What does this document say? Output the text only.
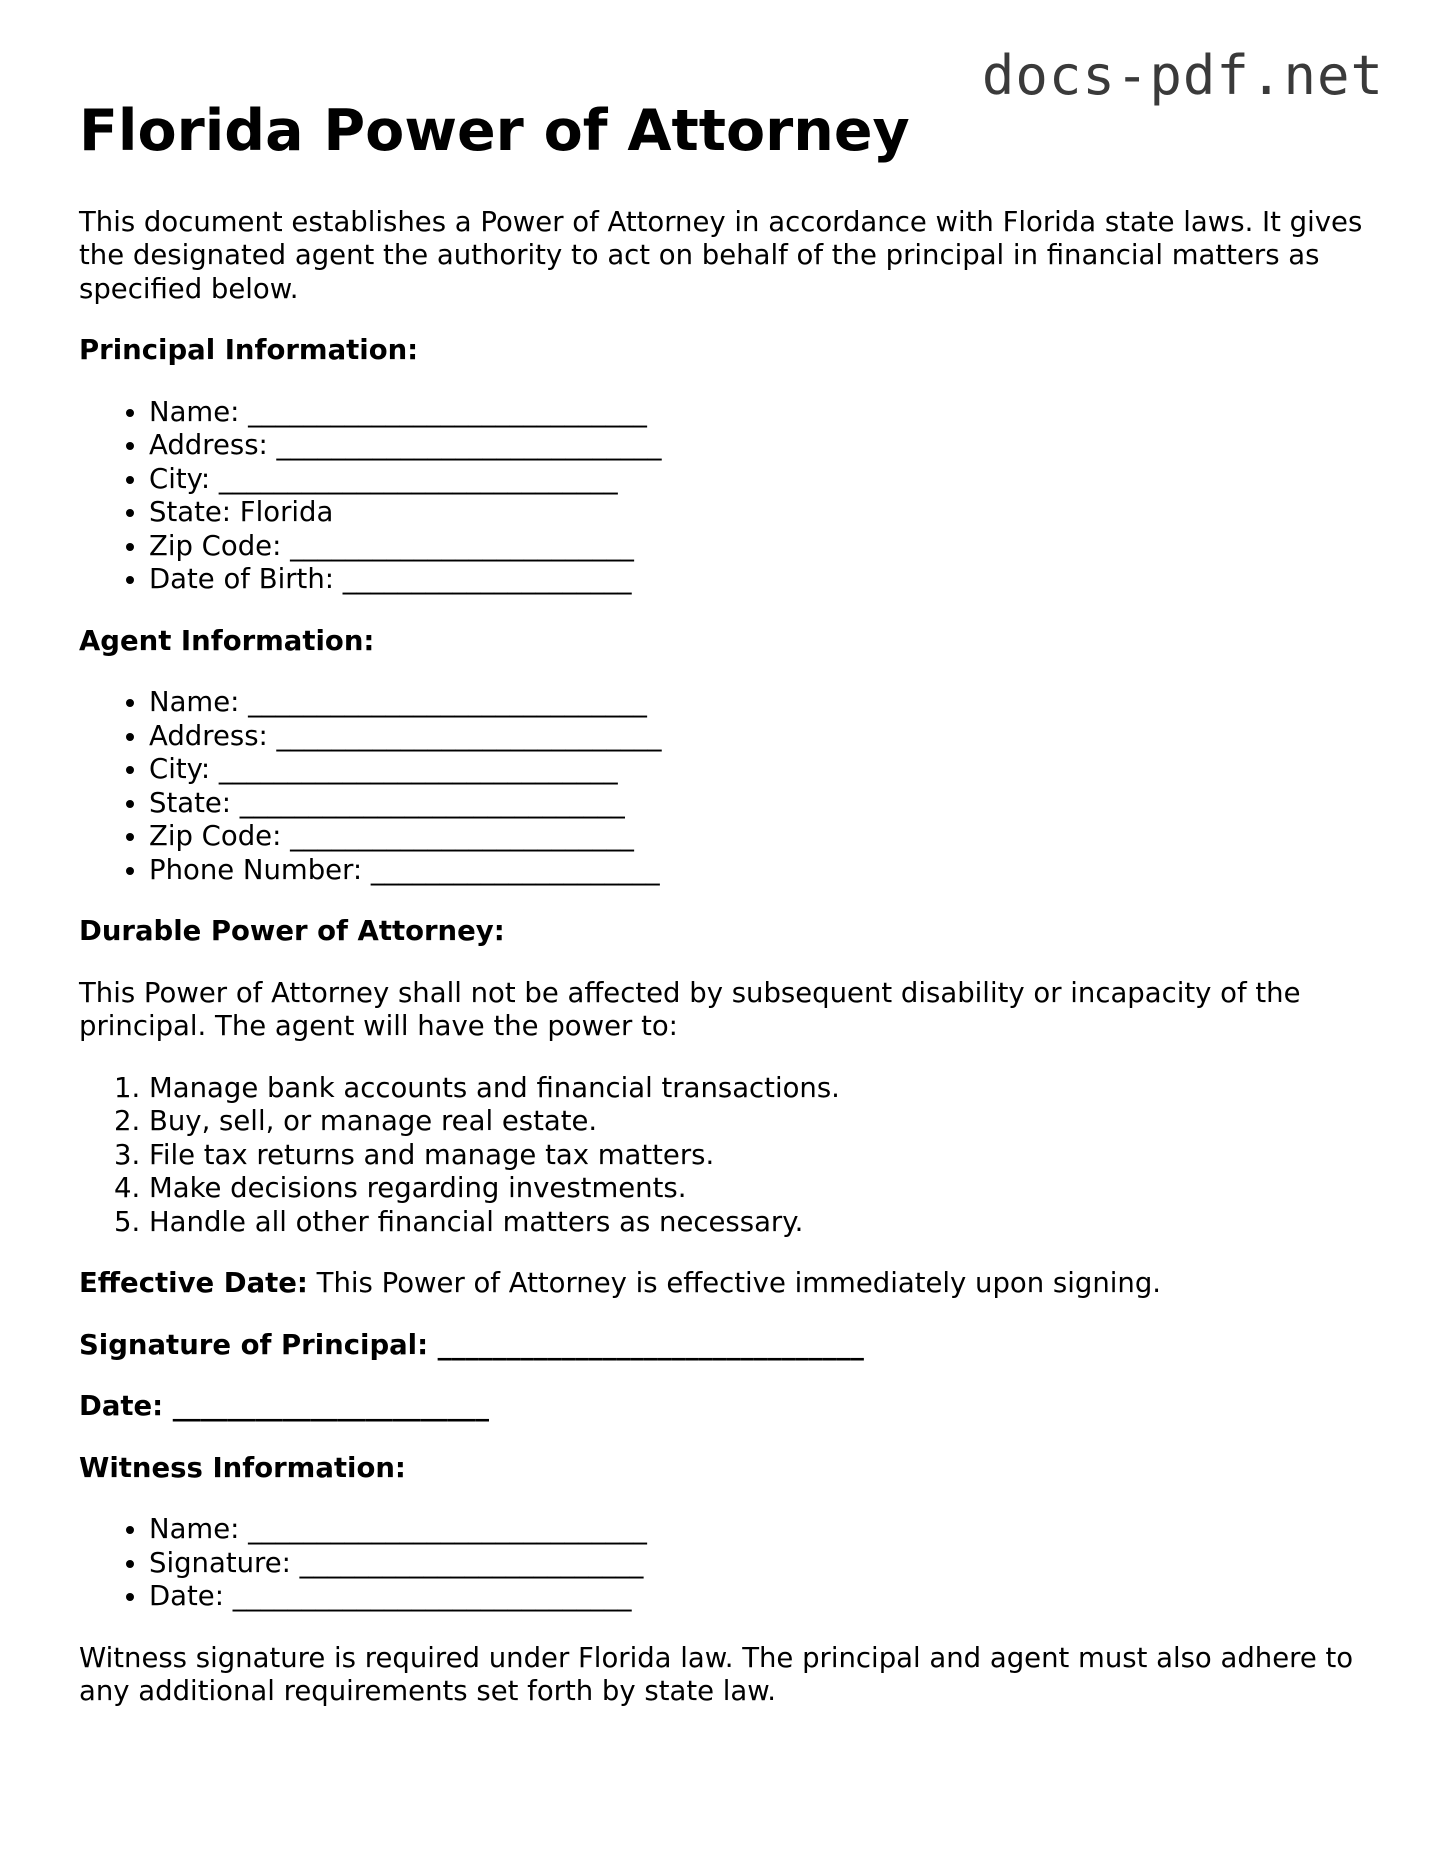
docs-pdf.net
Florida Power of Attorney

This document establishes a Power of Attorney in accordance with Florida state laws. It gives the designated agent the authority to act on behalf of the principal in financial matters as specified below.

Principal Information:

• Name: _____________________________
• Address: ____________________________
• City: _____________________________
• State: Florida
• Zip Code: _________________________
• Date of Birth: _____________________

Agent Information:

• Name: _____________________________
• Address: ____________________________
• City: _____________________________
• State: ____________________________
• Zip Code: _________________________
• Phone Number: _____________________

Durable Power of Attorney:

This Power of Attorney shall not be affected by subsequent disability or incapacity of the principal. The agent will have the power to:

1. Manage bank accounts and financial transactions.
2. Buy, sell, or manage real estate.
3. File tax returns and manage tax matters.
4. Make decisions regarding investments.
5. Handle all other financial matters as necessary.

Effective Date: This Power of Attorney is effective immediately upon signing.

Signature of Principal: _______________________________

Date: _______________________

Witness Information:

• Name: _____________________________
• Signature: _________________________
• Date: _____________________________

Witness signature is required under Florida law. The principal and agent must also adhere to any additional requirements set forth by state law.
